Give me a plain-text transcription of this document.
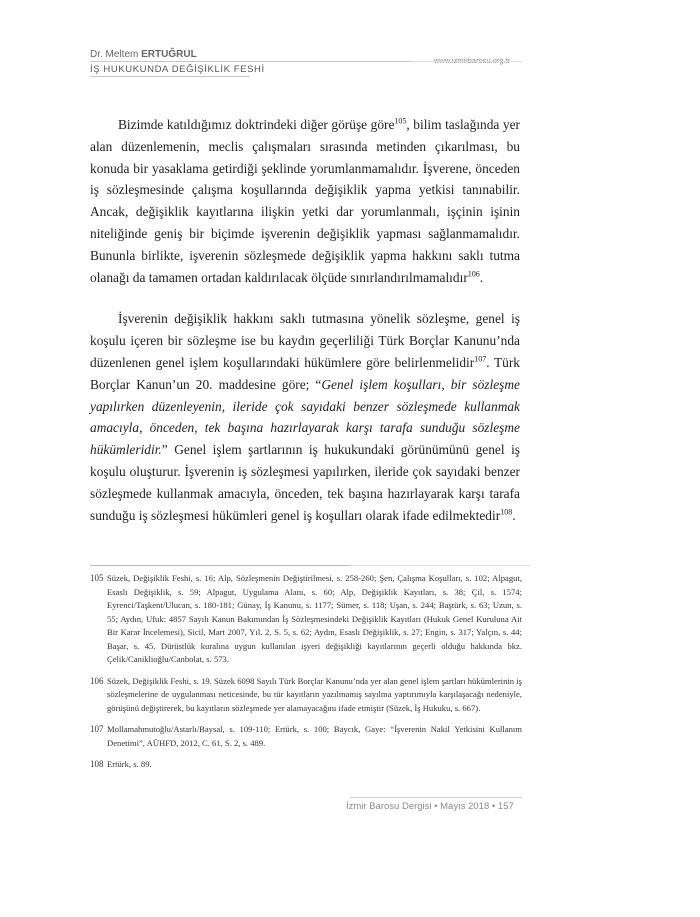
Dr. Meltem ERTUĞRUL
İŞ HUKUKUNDA DEĞİŞİKLİK FESHİ

Bizimde katıldığımız doktrindeki diğer görüşe göre$^{105}$, bilim taslağında yer alan düzenlemenin, meclis çalışmaları sırasında metinden çıkarılması, bu konuda bir yasaklama getirdiği şeklinde yorumlanmamalıdır. İşverene, önceden iş sözleşmesinde çalışma koşullarında değişiklik yapma yetkisi tanınabilir. Ancak, değişiklik kayıtlarına ilişkin yetki dar yorumlanmalı, işçinin işinin niteliğinde geniş bir biçimde işverenin değişiklik yapması sağlanmamalıdır. Bununla birlikte, işverenin sözleşmede değişiklik yapma hakkını saklı tutma olanağı da tamamen ortadan kaldırılacak ölçüde sınırlandırılmamalıdır$^{106}$.

İşverenin değişiklik hakkını saklı tutmasına yönelik sözleşme, genel iş koşulu içeren bir sözleşme ise bu kaydın geçerliliği Türk Borçlar Kanunu’nda düzenlenen genel işlem koşullarındaki hükümlere göre belirlenmelidir$^{107}$. Türk Borçlar Kanun’un 20. maddesine göre; “Genel işlem koşulları, bir sözleşme yapılırken düzenleyenin, ileride çok sayıdaki benzer sözleşmede kullanmak amacıyla, önceden, tek başına hazırlayarak karşı tarafa sunduğu sözleşme hükümleridir.” Genel işlem şartlarının iş hukukundaki görünümünü genel iş koşulu oluşturur. İşverenin iş sözleşmesi yapılırken, ileride çok sayıdaki benzer sözleşmede kullanmak amacıyla, önceden, tek başına hazırlayarak karşı tarafa sunduğu iş sözleşmesi hükümleri genel iş koşulları olarak ifade edilmektedir$^{108}$.

105 Süzek, Değişiklik Feshi, s. 16; Alp, Sözleşmenin Değiştirilmesi, s. 258-260; Şen, Çalışma Koşulları, s. 102; Alpagut, Esaslı Değişiklik, s. 59; Alpagut, Uygulama Alanı, s. 60; Alp, Değişiklik Kayıtları, s. 38; Çil, s. 1574; Eyrenci/Taşkent/Ulucan, s. 180-181; Günay, İş Kanunu, s. 1177; Sümer, s. 118; Uşan, s. 244; Baştürk, s. 63; Uzun, s. 55; Aydın, Ufuk: 4857 Sayılı Kanun Bakımından İş Sözleşmesindeki Değişiklik Kayıtları (Hukuk Genel Kuruluna Ait Bir Karar İncelemesi), Sicil, Mart 2007, Yıl. 2, S. 5, s. 62; Aydın, Esaslı Değişiklik, s. 27; Engin, s. 317; Yalçın, s. 44; Başar, s. 45. Dürüstlük kuralına uygun kullanılan işyeri değişikliği kayıtlarının geçerli olduğu hakkında bkz. Çelik/Caniklioğlu/Canbolat, s. 573.
106 Süzek, Değişiklik Feshi, s. 19. Süzek 6098 Sayılı Türk Borçlar Kanunu’nda yer alan genel işlem şartları hükümlerinin iş sözleşmelerine de uygulanması neticesinde, bu tür kayıtların yazılmamış sayılma yaptırımıyla karşılaşacağı nedeniyle, görüşünü değiştirerek, bu kayıtların sözleşmede yer alamayacağını ifade etmiştir (Süzek, İş Hukuku, s. 667).
107 Mollamahmutoğlu/Astarlı/Baysal, s. 109-110; Ertürk, s. 100; Baycık, Gaye: “İşverenin Nakil Yetkisini Kullanım Denetimi”, AÜHFD, 2012, C. 61, S. 2, s. 489.
108 Ertürk, s. 89.
İzmir Barosu Dergisi • Mayıs 2018 • 157
